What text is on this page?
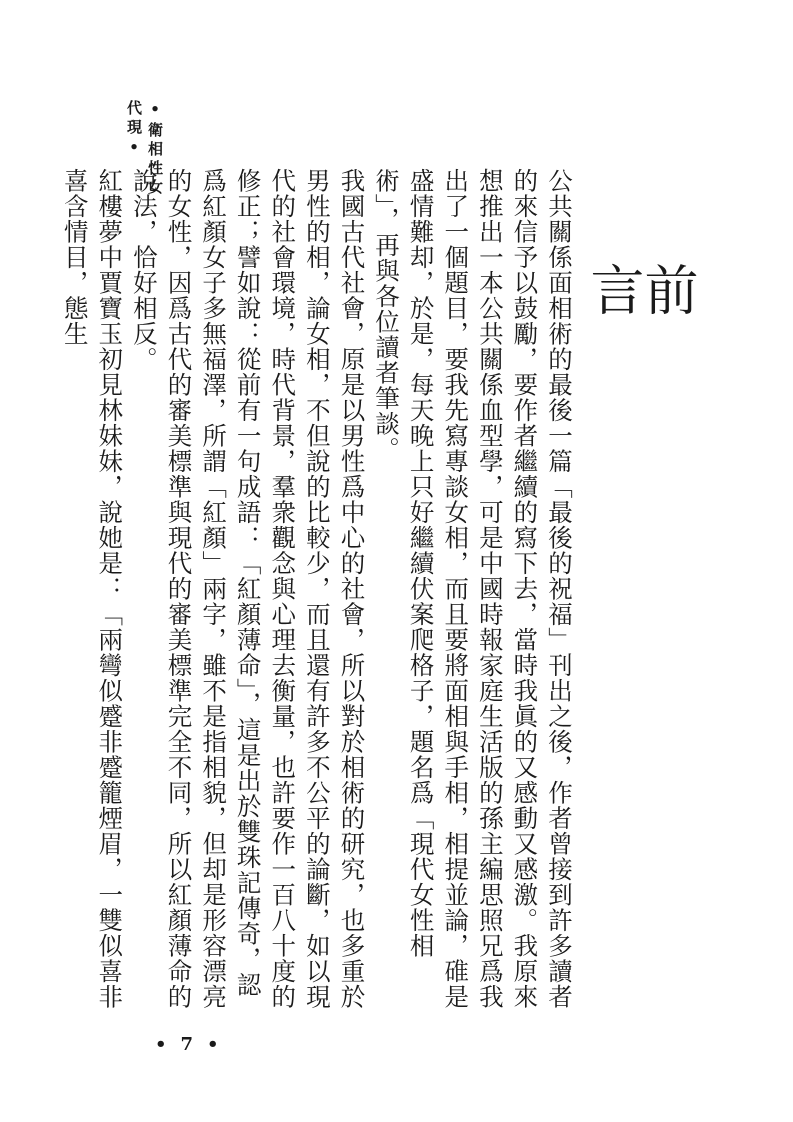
•衛相性女代現•
前言

公共關係面相術的最後一篇「最後的祝福」刊出之後，作者曾接到許多讀者的來信予以鼓勵，要作者繼續的寫下去，當時我眞的又感動又感激。我原來想推出一本公共關係血型學，可是中國時報家庭生活版的孫主編思照兄爲我出了一個題目，要我先寫專談女相，而且要將面相與手相，相提並論，碓是盛情難却，於是，每天晚上只好繼續伏案爬格子，題名爲「現代女性相術」，再與各位讀者筆談。

我國古代社會，原是以男性爲中心的社會，所以對於相術的研究，也多重於男性的相，論女相，不但說的比較少，而且還有許多不公平的論斷，如以現代的社會環境，時代背景，羣衆觀念與心理去衡量，也許要作一百八十度的修正；譬如說：從前有一句成語：「紅顏薄命」，這是出於雙珠記傳奇，認爲紅顏女子多無福澤，所謂「紅顏」兩字，雖不是指相貌，但却是形容漂亮的女性，因爲古代的審美標準與現代的審美標準完全不同，所以紅顏薄命的說法，恰好相反。

紅樓夢中賈寶玉初見林妹妹，說她是：「兩彎似蹙非蹙籠煙眉，一雙似喜非喜含情目，態生

• 7 •
